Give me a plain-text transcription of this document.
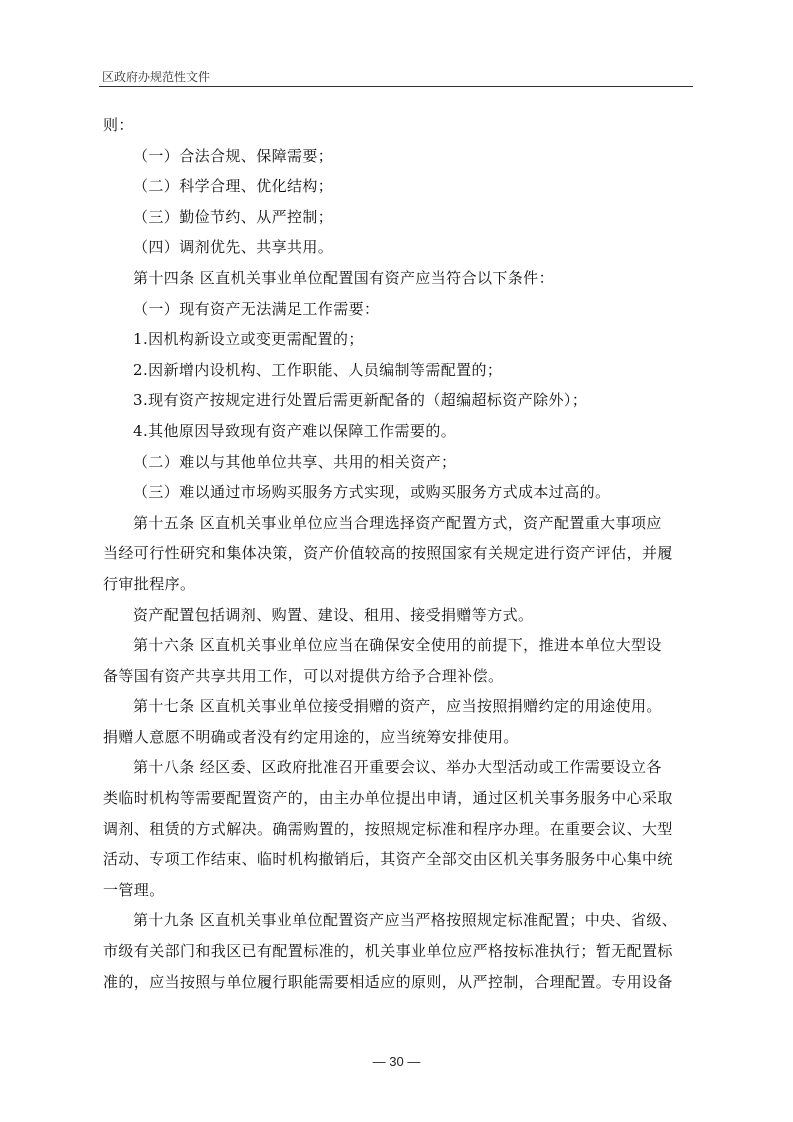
区政府办规范性文件
则：
（一）合法合规、保障需要；
（二）科学合理、优化结构；
（三）勤俭节约、从严控制；
（四）调剂优先、共享共用。
第十四条 区直机关事业单位配置国有资产应当符合以下条件：
（一）现有资产无法满足工作需要：
1.因机构新设立或变更需配置的；
2.因新增内设机构、工作职能、人员编制等需配置的；
3.现有资产按规定进行处置后需更新配备的（超编超标资产除外）；
4.其他原因导致现有资产难以保障工作需要的。
（二）难以与其他单位共享、共用的相关资产；
（三）难以通过市场购买服务方式实现，或购买服务方式成本过高的。
第十五条 区直机关事业单位应当合理选择资产配置方式，资产配置重大事项应
当经可行性研究和集体决策，资产价值较高的按照国家有关规定进行资产评估，并履
行审批程序。
资产配置包括调剂、购置、建设、租用、接受捐赠等方式。
第十六条 区直机关事业单位应当在确保安全使用的前提下，推进本单位大型设
备等国有资产共享共用工作，可以对提供方给予合理补偿。
第十七条 区直机关事业单位接受捐赠的资产，应当按照捐赠约定的用途使用。
捐赠人意愿不明确或者没有约定用途的，应当统筹安排使用。
第十八条 经区委、区政府批准召开重要会议、举办大型活动或工作需要设立各
类临时机构等需要配置资产的，由主办单位提出申请，通过区机关事务服务中心采取
调剂、租赁的方式解决。确需购置的，按照规定标准和程序办理。在重要会议、大型
活动、专项工作结束、临时机构撤销后，其资产全部交由区机关事务服务中心集中统
一管理。
第十九条 区直机关事业单位配置资产应当严格按照规定标准配置；中央、省级、
市级有关部门和我区已有配置标准的，机关事业单位应严格按标准执行；暂无配置标
准的，应当按照与单位履行职能需要相适应的原则，从严控制，合理配置。专用设备
— 30 —
